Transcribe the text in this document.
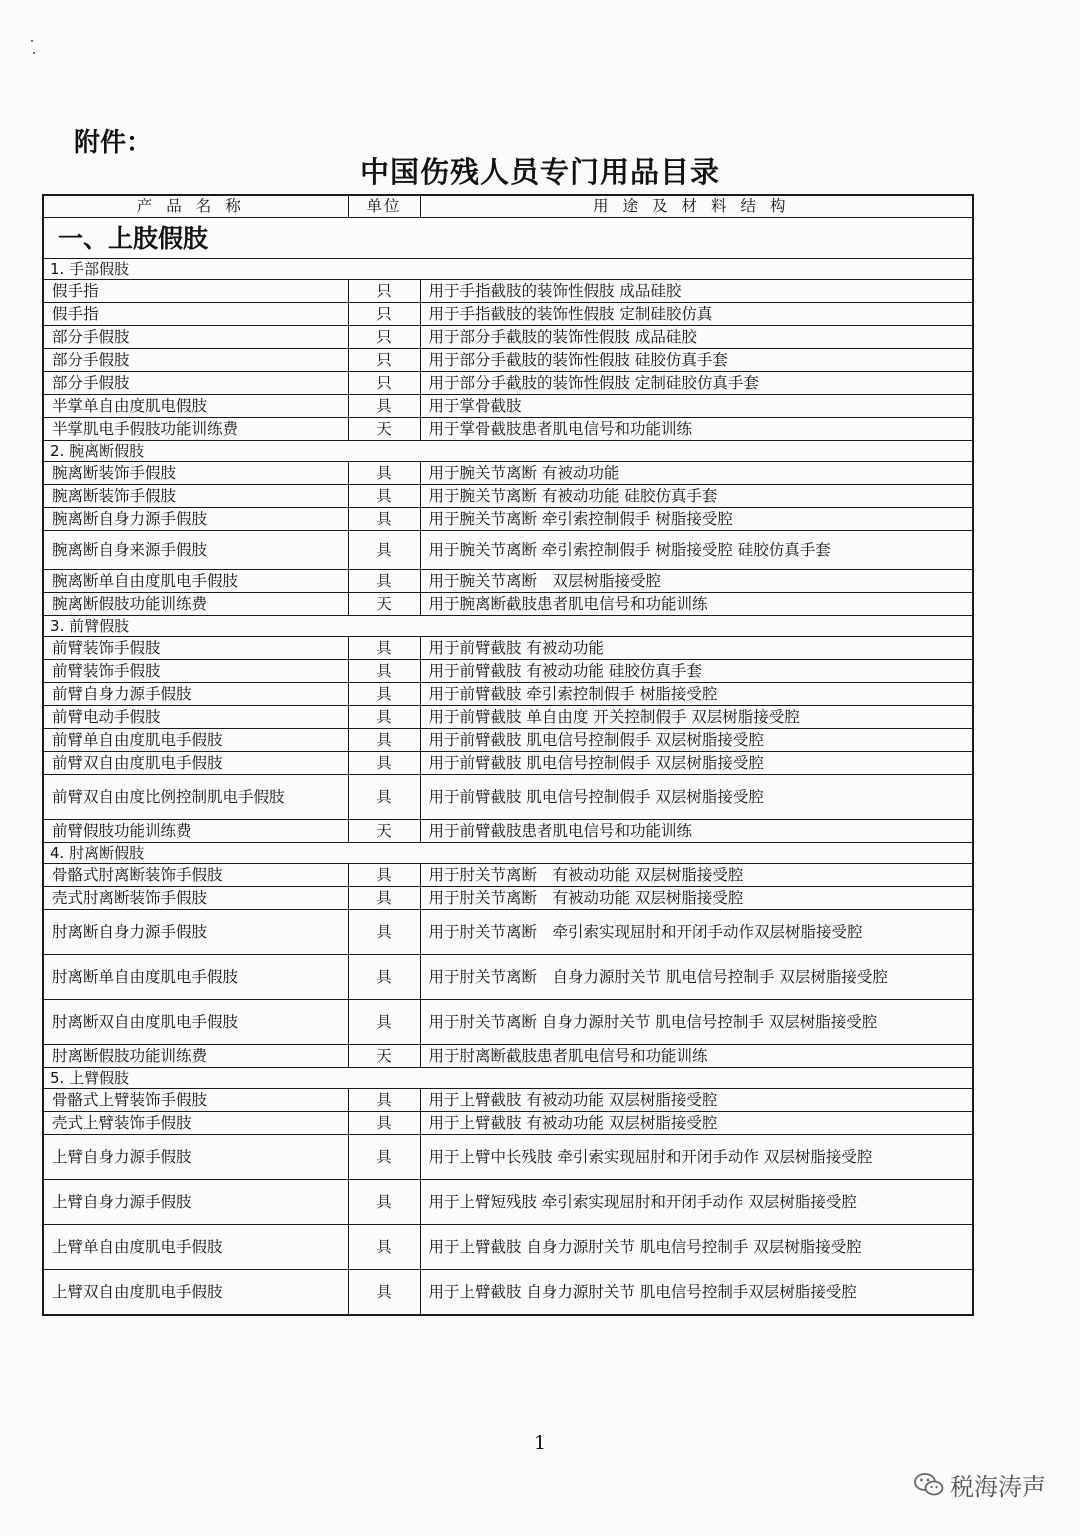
附件：

中国伤残人员专门用品目录
产品名称	单位	用途及材料结构
一、上肢假肢		
1. 手部假肢		
假手指	只	用于手指截肢的装饰性假肢 成品硅胶
假手指	只	用于手指截肢的装饰性假肢 定制硅胶仿真
部分手假肢	只	用于部分手截肢的装饰性假肢 成品硅胶
部分手假肢	只	用于部分手截肢的装饰性假肢 硅胶仿真手套
部分手假肢	只	用于部分手截肢的装饰性假肢 定制硅胶仿真手套
半掌单自由度肌电假肢	具	用于掌骨截肢
半掌肌电手假肢功能训练费	天	用于掌骨截肢患者肌电信号和功能训练
2. 腕离断假肢		
腕离断装饰手假肢	具	用于腕关节离断 有被动功能
腕离断装饰手假肢	具	用于腕关节离断 有被动功能 硅胶仿真手套
腕离断自身力源手假肢	具	用于腕关节离断 牵引索控制假手 树脂接受腔
腕离断自身来源手假肢	具	用于腕关节离断 牵引索控制假手 树脂接受腔 硅胶仿真手套
腕离断单自由度肌电手假肢	具	用于腕关节离断　双层树脂接受腔
腕离断假肢功能训练费	天	用于腕离断截肢患者肌电信号和功能训练
3. 前臂假肢		
前臂装饰手假肢	具	用于前臂截肢 有被动功能
前臂装饰手假肢	具	用于前臂截肢 有被动功能 硅胶仿真手套
前臂自身力源手假肢	具	用于前臂截肢 牵引索控制假手 树脂接受腔
前臂电动手假肢	具	用于前臂截肢 单自由度 开关控制假手 双层树脂接受腔
前臂单自由度肌电手假肢	具	用于前臂截肢 肌电信号控制假手 双层树脂接受腔
前臂双自由度肌电手假肢	具	用于前臂截肢 肌电信号控制假手 双层树脂接受腔
前臂双自由度比例控制肌电手假肢	具	用于前臂截肢 肌电信号控制假手 双层树脂接受腔
前臂假肢功能训练费	天	用于前臂截肢患者肌电信号和功能训练
4. 肘离断假肢		
骨骼式肘离断装饰手假肢	具	用于肘关节离断　有被动功能 双层树脂接受腔
壳式肘离断装饰手假肢	具	用于肘关节离断　有被动功能 双层树脂接受腔
肘离断自身力源手假肢	具	用于肘关节离断　牵引索实现屈肘和开闭手动作双层树脂接受腔
肘离断单自由度肌电手假肢	具	用于肘关节离断　自身力源肘关节 肌电信号控制手 双层树脂接受腔
肘离断双自由度肌电手假肢	具	用于肘关节离断 自身力源肘关节 肌电信号控制手 双层树脂接受腔
肘离断假肢功能训练费	天	用于肘离断截肢患者肌电信号和功能训练
5. 上臂假肢		
骨骼式上臂装饰手假肢	具	用于上臂截肢 有被动功能 双层树脂接受腔
壳式上臂装饰手假肢	具	用于上臂截肢 有被动功能 双层树脂接受腔
上臂自身力源手假肢	具	用于上臂中长残肢 牵引索实现屈肘和开闭手动作 双层树脂接受腔
上臂自身力源手假肢	具	用于上臂短残肢 牵引索实现屈肘和开闭手动作 双层树脂接受腔
上臂单自由度肌电手假肢	具	用于上臂截肢 自身力源肘关节 肌电信号控制手 双层树脂接受腔
上臂双自由度肌电手假肢	具	用于上臂截肢 自身力源肘关节 肌电信号控制手双层树脂接受腔

1

税海涛声
